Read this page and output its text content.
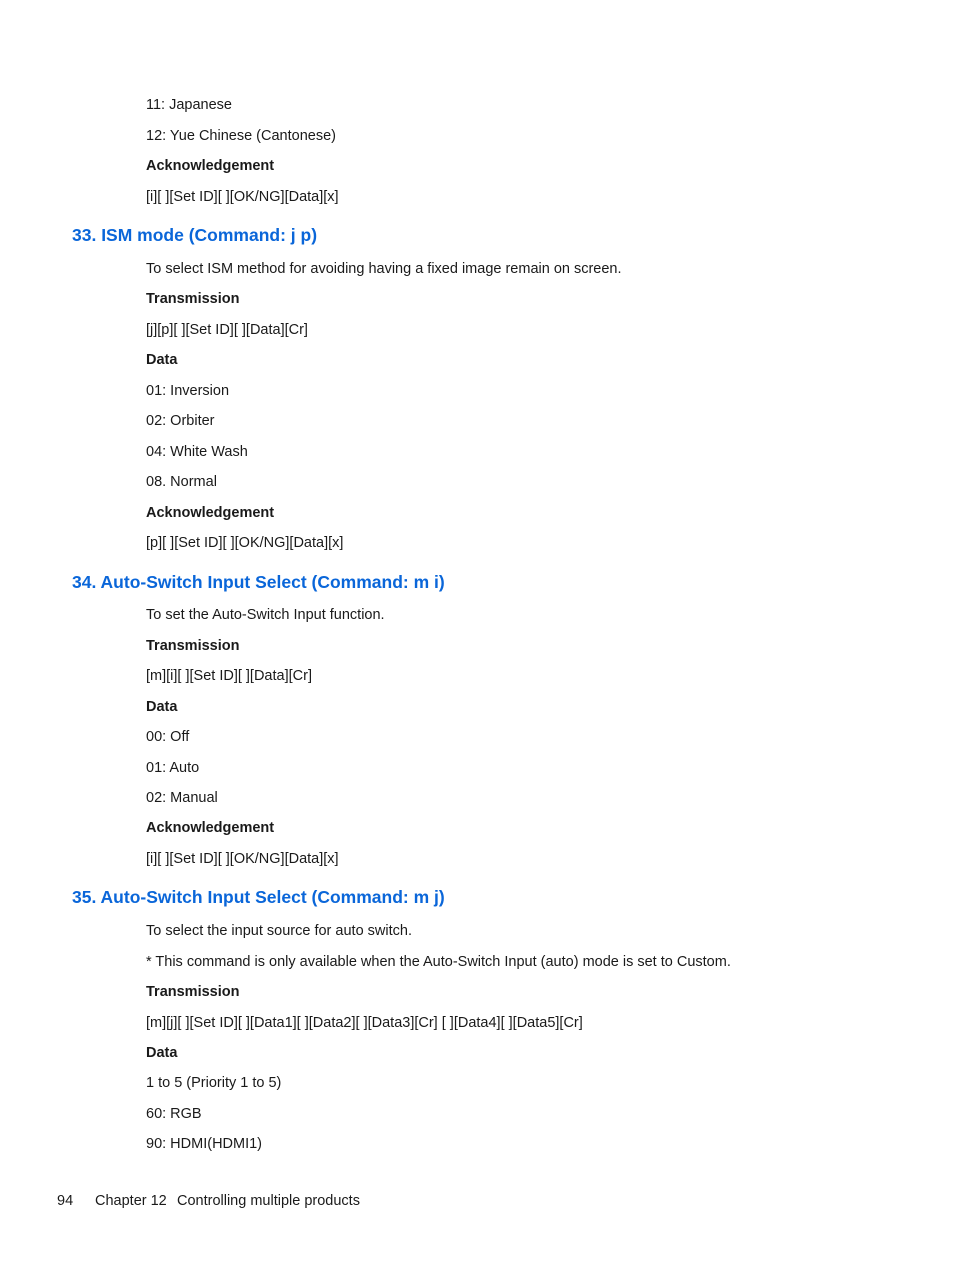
11: Japanese
12: Yue Chinese (Cantonese)
Acknowledgement
[i][ ][Set ID][ ][OK/NG][Data][x]
33. ISM mode (Command: j p)
To select ISM method for avoiding having a fixed image remain on screen.
Transmission
[j][p][ ][Set ID][ ][Data][Cr]
Data
01: Inversion
02: Orbiter
04: White Wash
08. Normal
Acknowledgement
[p][ ][Set ID][ ][OK/NG][Data][x]
34. Auto-Switch Input Select (Command: m i)
To set the Auto-Switch Input function.
Transmission
[m][i][ ][Set ID][ ][Data][Cr]
Data
00: Off
01: Auto
02: Manual
Acknowledgement
[i][ ][Set ID][ ][OK/NG][Data][x]
35. Auto-Switch Input Select (Command: m j)
To select the input source for auto switch.
* This command is only available when the Auto-Switch Input (auto) mode is set to Custom.
Transmission
[m][j][ ][Set ID][ ][Data1][ ][Data2][ ][Data3][Cr] [ ][Data4][ ][Data5][Cr]
Data
1 to 5 (Priority 1 to 5)
60: RGB
90: HDMI(HDMI1)
94 Chapter 12 Controlling multiple products
